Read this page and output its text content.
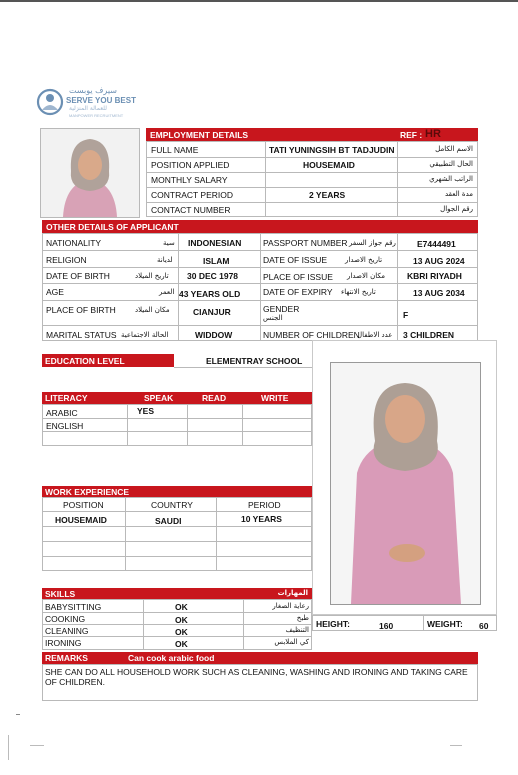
سيرف يوبست
SERVE YOU BEST
للعمالة المنزلية
MANPOWER RECRUITMENT
EMPLOYMENT DETAILS	REF : HR
FULL NAME	TATI YUNINGSIH BT TADJUDIN	الاسم الكامل
POSITION APPLIED	HOUSEMAID	الحال التطبيقي
MONTHLY SALARY	الراتب الشهري
CONTRACT PERIOD	2 YEARS	مدة العقد
CONTACT NUMBER	رقم الجوال
OTHER DETAILS OF APPLICANT
NATIONALITY	سية INDONESIAN	PASSPORT NUMBER رقم جواز السفر E7444491
RELIGION	لديانة	ISLAM	DATE OF ISSUE	تاريخ الاصدار	13 AUG 2024
DATE OF BIRTH	تاريخ الميلاد 30 DEC 1978	PLACE OF ISSUE مكان الاصدار	KBRI RIYADH
AGE	العمر 43 YEARS OLD	DATE OF EXPIRY تاريخ الانتهاء	13 AUG 2034
PLACE OF BIRTH	مكان الميلاد	CIANJUR	GENDER
الجنس	F
MARITAL STATUS الحالة الاجتماعية	WIDDOW	NUMBER OF CHILDREN
عدد الاطفال 3 CHILDREN
EDUCATION LEVEL	ELEMENTRAY SCHOOL
LITERACY	SPEAK	READ	WRITE
ARABIC	YES
ENGLISH
WORK EXPERIENCE
POSITION	COUNTRY	PERIOD
HOUSEMAID	SAUDI	10 YEARS
HEIGHT:	160	WEIGHT: 60
SKILLS	المهارات
BABYSITTING	OK	رعاية الصغار
COOKING	OK	طبخ
CLEANING	OK	التنظيف
IRONING	OK	كي الملابس
REMARKS	Can cook arabic food
SHE CAN DO ALL HOUSEHOLD WORK SUCH AS CLEANING, WASHING AND IRONING AND TAKING CARE OF CHILDREN.
